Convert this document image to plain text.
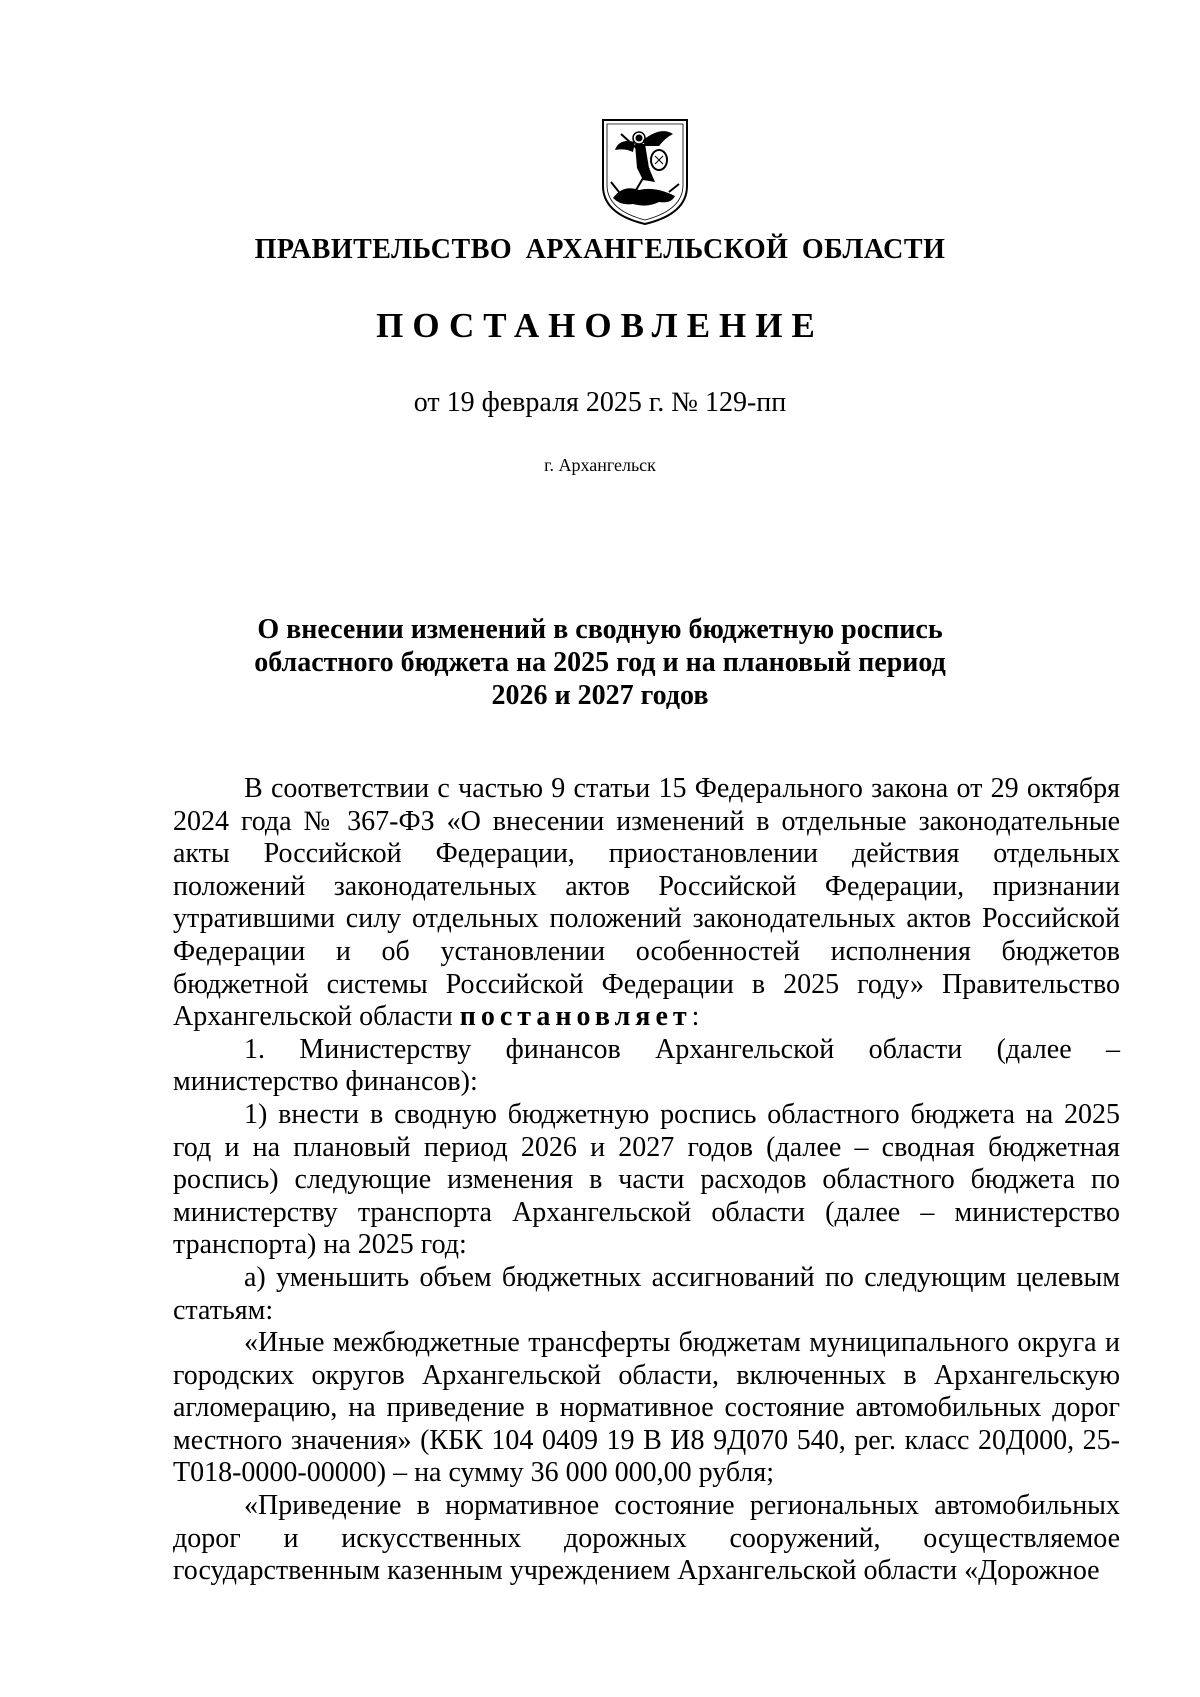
ПРАВИТЕЛЬСТВО АРХАНГЕЛЬСКОЙ ОБЛАСТИ
ПОСТАНОВЛЕНИЕ
от 19 февраля 2025 г. № 129-пп
г. Архангельск
О внесении изменений в сводную бюджетную роспись
областного бюджета на 2025 год и на плановый период
2026 и 2027 годов

В соответствии с частью 9 статьи 15 Федерального закона от 29 октября 2024 года № 367-ФЗ «О внесении изменений в отдельные законодательные акты Российской Федерации, приостановлении действия отдельных положений законодательных актов Российской Федерации, признании утратившими силу отдельных положений законодательных актов Российской Федерации и об установлении особенностей исполнения бюджетов бюджетной системы Российской Федерации в 2025 году» Правительство Архангельской области постановляет:

1. Министерству финансов Архангельской области (далее – министерство финансов):

1) внести в сводную бюджетную роспись областного бюджета на 2025 год и на плановый период 2026 и 2027 годов (далее – сводная бюджетная роспись) следующие изменения в части расходов областного бюджета по министерству транспорта Архангельской области (далее – министерство транспорта) на 2025 год:

а) уменьшить объем бюджетных ассигнований по следующим целевым статьям:

«Иные межбюджетные трансферты бюджетам муниципального округа и городских округов Архангельской области, включенных в Архангельскую агломерацию, на приведение в нормативное состояние автомобильных дорог местного значения» (КБК 104 0409 19 В И8 9Д070 540, рег. класс 20Д000, 25-Т018-0000-00000) – на сумму 36 000 000,00 рубля;

«Приведение в нормативное состояние региональных автомобильных дорог и искусственных дорожных сооружений, осуществляемое государственным казенным учреждением Архангельской области «Дорожное
